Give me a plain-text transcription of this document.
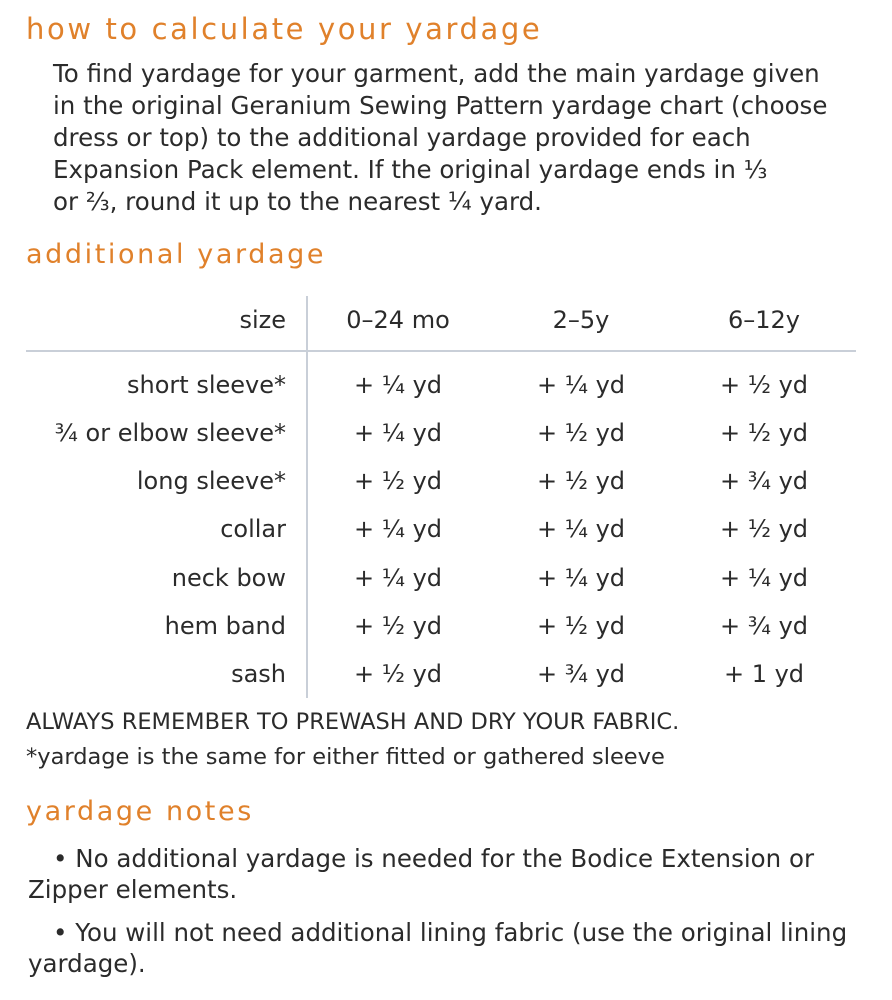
how to calculate your yardage

To find yardage for your garment, add the main yardage given
in the original Geranium Sewing Pattern yardage chart (choose
dress or top) to the additional yardage provided for each
Expansion Pack element. If the original yardage ends in ⅓
or ⅔, round it up to the nearest ¼ yard.

additional yardage
size	0–24 mo	2–5y	6–12y
short sleeve*	+ ¼ yd	+ ¼ yd	+ ½ yd
¾ or elbow sleeve*	+ ¼ yd	+ ½ yd	+ ½ yd
long sleeve*	+ ½ yd	+ ½ yd	+ ¾ yd
collar	+ ¼ yd	+ ¼ yd	+ ½ yd
neck bow	+ ¼ yd	+ ¼ yd	+ ¼ yd
hem band	+ ½ yd	+ ½ yd	+ ¾ yd
sash	+ ½ yd	+ ¾ yd	+ 1 yd

ALWAYS REMEMBER TO PREWASH AND DRY YOUR FABRIC.

*yardage is the same for either fitted or gathered sleeve

yardage notes

• No additional yardage is needed for the Bodice Extension or
Zipper elements.

• You will not need additional lining fabric (use the original lining
yardage).
